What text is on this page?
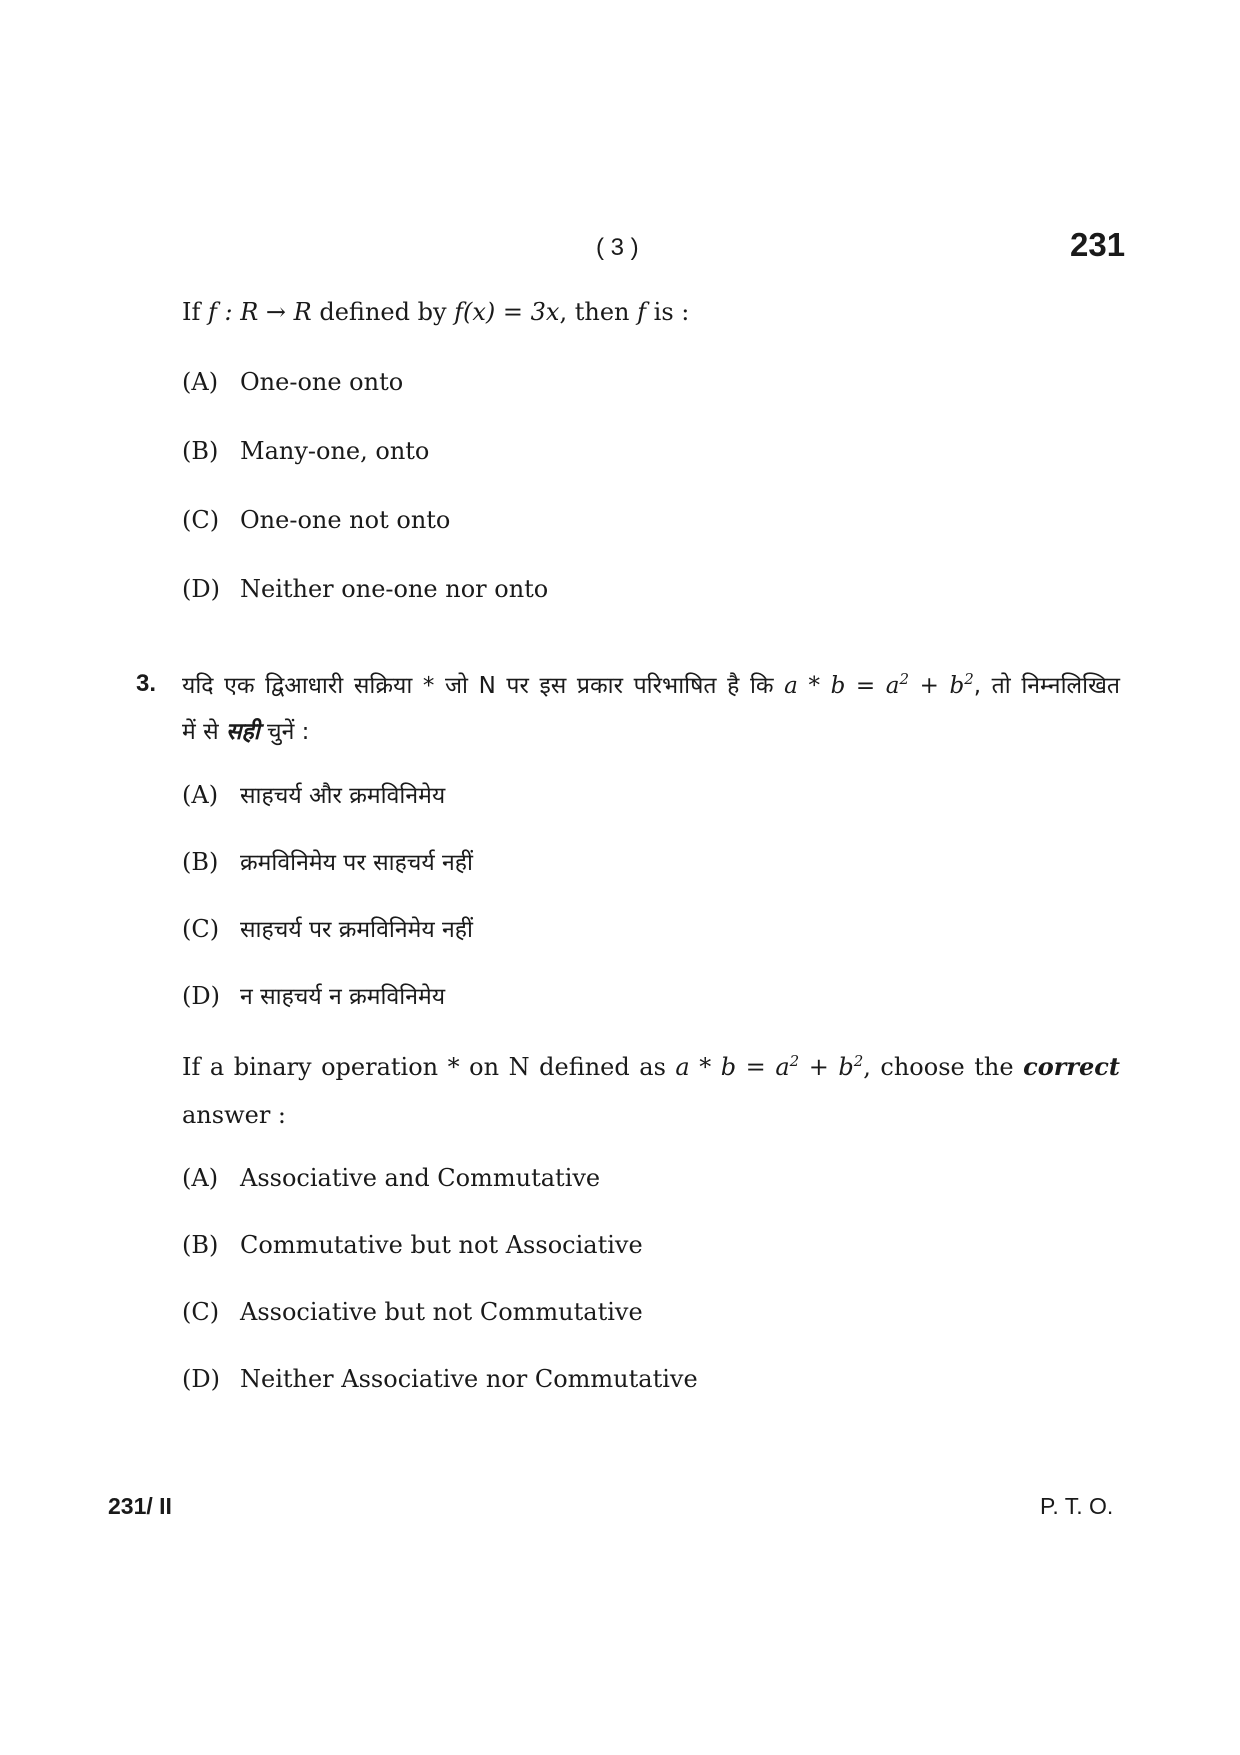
( 3 )	231
If f : R → R defined by f(x) = 3x, then f is :
(A) One-one onto
(B) Many-one, onto
(C) One-one not onto
(D) Neither one-one nor onto
3. यदि एक द्विआधारी सक्रिया * जो N पर इस प्रकार परिभाषित है कि $a * b = a^2 + b^2$, तो निम्नलिखित
में से सही चुनें :
(A) साहचर्य और क्रमविनिमेय
(B) क्रमविनिमेय पर साहचर्य नहीं
(C) साहचर्य पर क्रमविनिमेय नहीं
(D) न साहचर्य न क्रमविनिमेय
If a binary operation * on N defined as $a * b = a^2 + b^2$, choose the correct
answer :
(A) Associative and Commutative
(B) Commutative but not Associative
(C) Associative but not Commutative
(D) Neither Associative nor Commutative
231/ II	P. T. O.
